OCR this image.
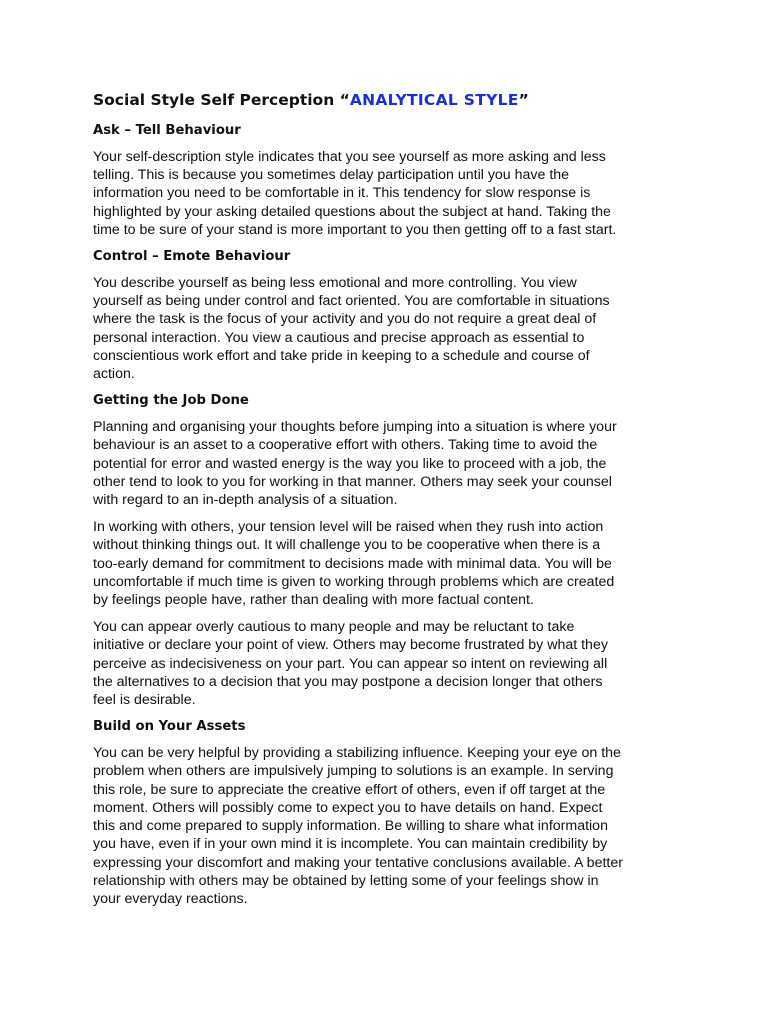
Social Style Self Perception “ANALYTICAL STYLE”
Ask – Tell Behaviour

Your self-description style indicates that you see yourself as more asking and less
telling. This is because you sometimes delay participation until you have the
information you need to be comfortable in it. This tendency for slow response is
highlighted by your asking detailed questions about the subject at hand. Taking the
time to be sure of your stand is more important to you then getting off to a fast start.

Control – Emote Behaviour

You describe yourself as being less emotional and more controlling. You view
yourself as being under control and fact oriented. You are comfortable in situations
where the task is the focus of your activity and you do not require a great deal of
personal interaction. You view a cautious and precise approach as essential to
conscientious work effort and take pride in keeping to a schedule and course of
action.

Getting the Job Done

Planning and organising your thoughts before jumping into a situation is where your
behaviour is an asset to a cooperative effort with others. Taking time to avoid the
potential for error and wasted energy is the way you like to proceed with a job, the
other tend to look to you for working in that manner. Others may seek your counsel
with regard to an in-depth analysis of a situation.

In working with others, your tension level will be raised when they rush into action
without thinking things out. It will challenge you to be cooperative when there is a
too-early demand for commitment to decisions made with minimal data. You will be
uncomfortable if much time is given to working through problems which are created
by feelings people have, rather than dealing with more factual content.

You can appear overly cautious to many people and may be reluctant to take
initiative or declare your point of view. Others may become frustrated by what they
perceive as indecisiveness on your part. You can appear so intent on reviewing all
the alternatives to a decision that you may postpone a decision longer that others
feel is desirable.

Build on Your Assets

You can be very helpful by providing a stabilizing influence. Keeping your eye on the
problem when others are impulsively jumping to solutions is an example. In serving
this role, be sure to appreciate the creative effort of others, even if off target at the
moment. Others will possibly come to expect you to have details on hand. Expect
this and come prepared to supply information. Be willing to share what information
you have, even if in your own mind it is incomplete. You can maintain credibility by
expressing your discomfort and making your tentative conclusions available. A better
relationship with others may be obtained by letting some of your feelings show in
your everyday reactions.
